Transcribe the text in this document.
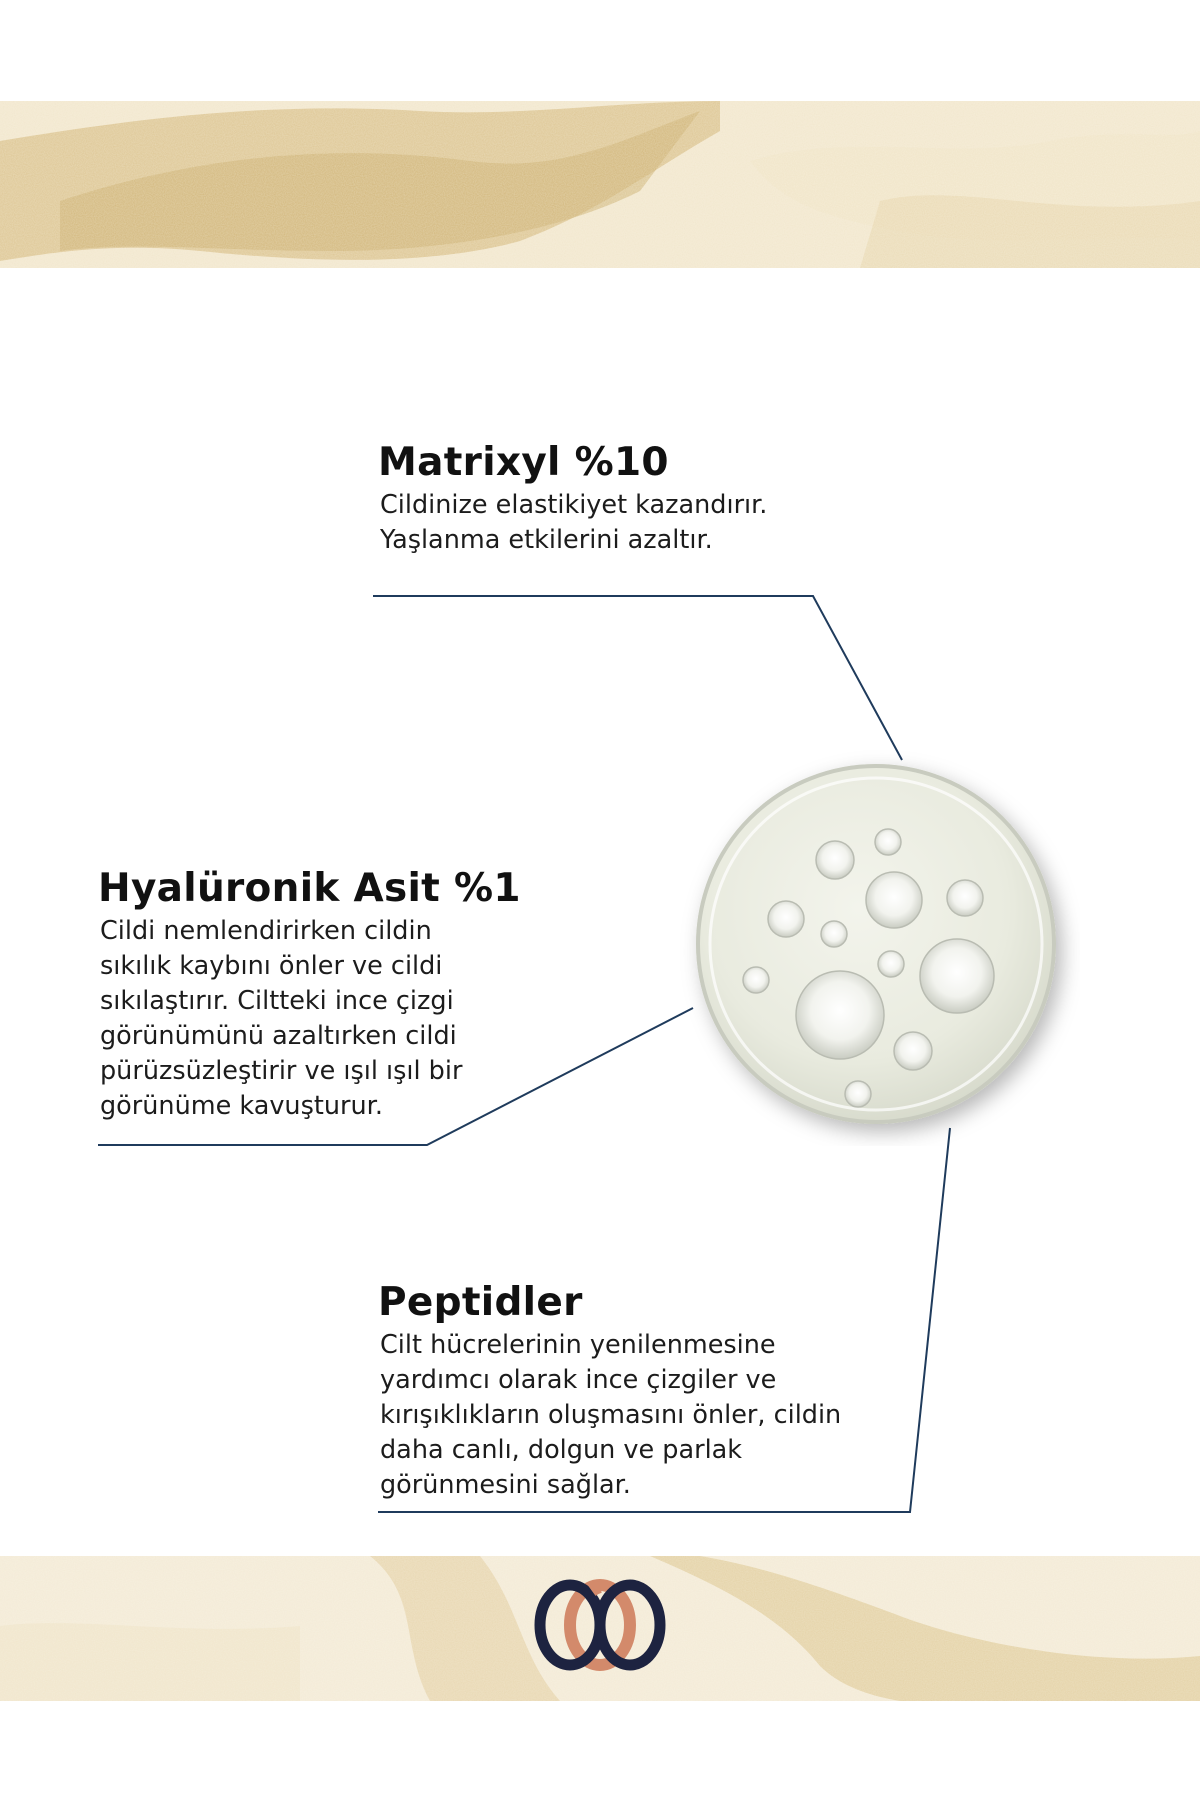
Matrixyl %10
Cildinize elastikiyet kazandırır.
Yaşlanma etkilerini azaltır.
Hyalüronik Asit %1
Cildi nemlendirirken cildin
sıkılık kaybını önler ve cildi
sıkılaştırır. Ciltteki ince çizgi
görünümünü azaltırken cildi
pürüzsüzleştirir ve ışıl ışıl bir
görünüme kavuşturur.
Peptidler
Cilt hücrelerinin yenilenmesine
yardımcı olarak ince çizgiler ve
kırışıklıkların oluşmasını önler, cildin
daha canlı, dolgun ve parlak
görünmesini sağlar.
